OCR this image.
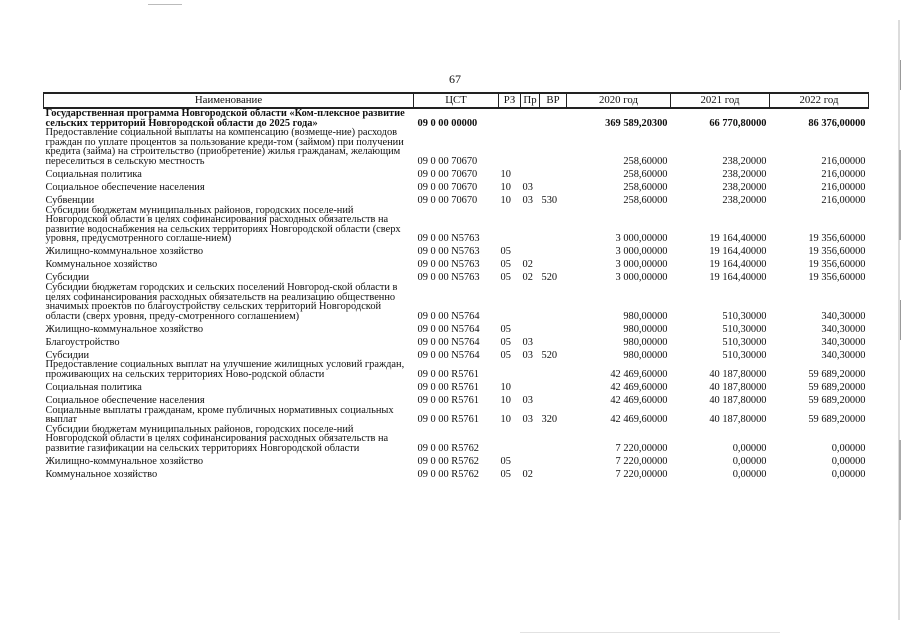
67
Наименование	ЦСТ	РЗ	Пр	ВР	2020 год	2021 год	2022 год
Государственная программа Новгородской области «Ком-плексное развитие сельских территорий Новгородской области до 2025 года»	09 0 00 00000				369 589,20300	66 770,80000	86 376,00000
Предоставление социальной выплаты на компенсацию (возмеще-ние) расходов граждан по уплате процентов за пользование креди-том (займом) при получении кредита (займа) на строительство (приобретение) жилья гражданам, желающим переселиться в сельскую местность	09 0 00 70670				258,60000	238,20000	216,00000
Социальная политика	09 0 00 70670	10			258,60000	238,20000	216,00000
Социальное обеспечение населения	09 0 00 70670	10	03		258,60000	238,20000	216,00000
Субвенции	09 0 00 70670	10	03	530	258,60000	238,20000	216,00000
Субсидии бюджетам муниципальных районов, городских поселе-ний Новгородской области в целях софинансирования расходных обязательств на развитие водоснабжения на сельских территориях Новгородской области (сверх уровня, предусмотренного соглаше-нием)	09 0 00 N5763				3 000,00000	19 164,40000	19 356,60000
Жилищно-коммунальное хозяйство	09 0 00 N5763	05			3 000,00000	19 164,40000	19 356,60000
Коммунальное хозяйство	09 0 00 N5763	05	02		3 000,00000	19 164,40000	19 356,60000
Субсидии	09 0 00 N5763	05	02	520	3 000,00000	19 164,40000	19 356,60000
Субсидии бюджетам городских и сельских поселений Новгород-ской области в целях софинансирования расходных обязательств на реализацию общественно значимых проектов по благоустройству сельских территорий Новгородской области (сверх уровня, преду-смотренного соглашением)	09 0 00 N5764				980,00000	510,30000	340,30000
Жилищно-коммунальное хозяйство	09 0 00 N5764	05			980,00000	510,30000	340,30000
Благоустройство	09 0 00 N5764	05	03		980,00000	510,30000	340,30000
Субсидии	09 0 00 N5764	05	03	520	980,00000	510,30000	340,30000
Предоставление социальных выплат на улучшение жилищных условий граждан, проживающих на сельских территориях Ново-родской области	09 0 00 R5761				42 469,60000	40 187,80000	59 689,20000
Социальная политика	09 0 00 R5761	10			42 469,60000	40 187,80000	59 689,20000
Социальное обеспечение населения	09 0 00 R5761	10	03		42 469,60000	40 187,80000	59 689,20000
Социальные выплаты гражданам, кроме публичных нормативных социальных выплат	09 0 00 R5761	10	03	320	42 469,60000	40 187,80000	59 689,20000
Субсидии бюджетам муниципальных районов, городских поселе-ний Новгородской области в целях софинансирования расходных обязательств на развитие газификации на сельских территориях Новгородской области	09 0 00 R5762				7 220,00000	0,00000	0,00000
Жилищно-коммунальное хозяйство	09 0 00 R5762	05			7 220,00000	0,00000	0,00000
Коммунальное хозяйство	09 0 00 R5762	05	02		7 220,00000	0,00000	0,00000
